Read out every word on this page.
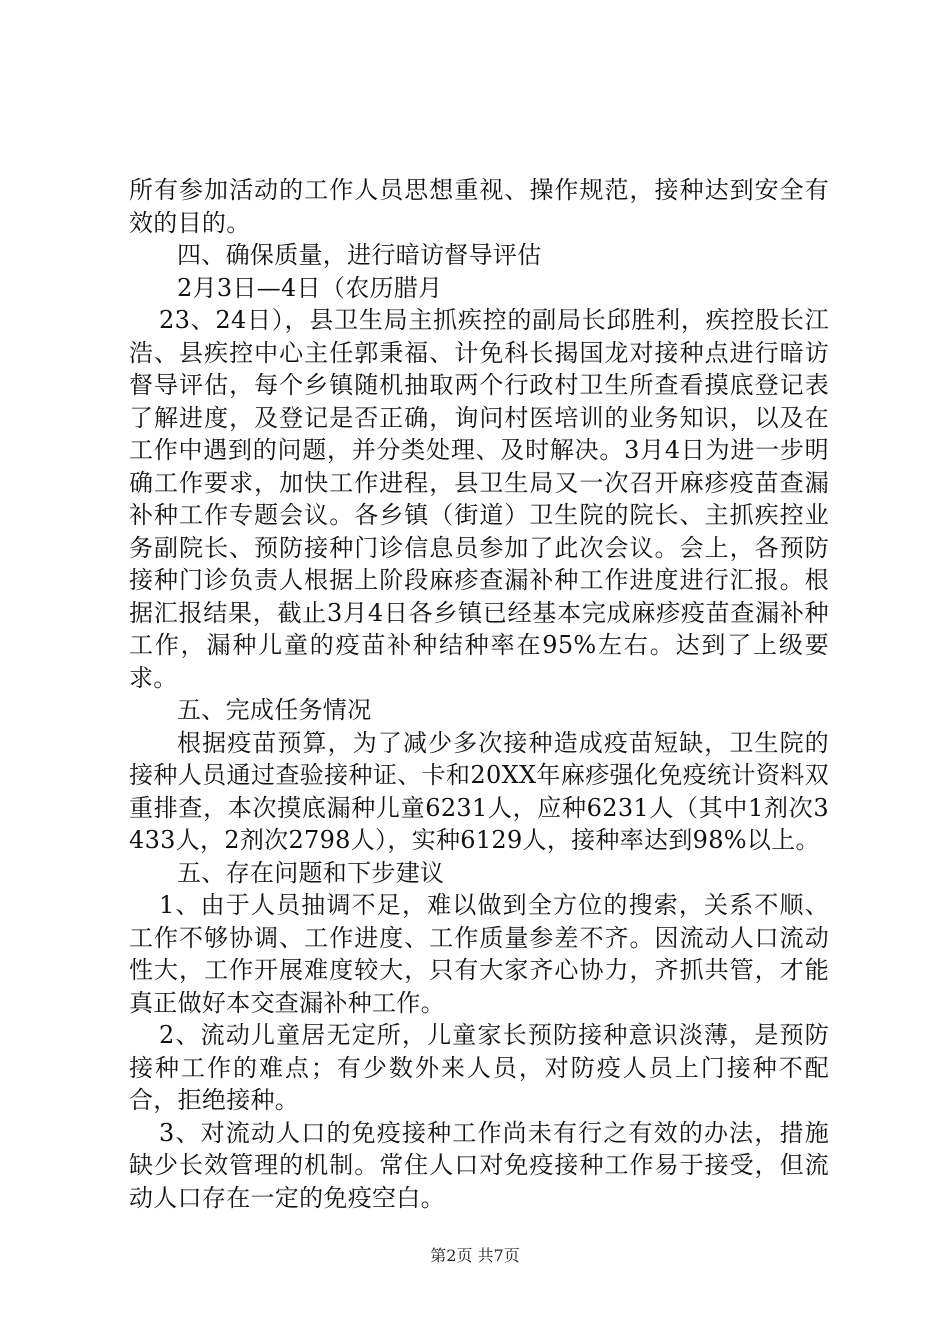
所有参加活动的工作人员思想重视、操作规范，接种达到安全有效的目的。

四、确保质量，进行暗访督导评估

2月3日—4日（农历腊月

23、24日），县卫生局主抓疾控的副局长邱胜利，疾控股长江浩、县疾控中心主任郭秉福、计免科长揭国龙对接种点进行暗访督导评估，每个乡镇随机抽取两个行政村卫生所查看摸底登记表了解进度，及登记是否正确，询问村医培训的业务知识，以及在工作中遇到的问题，并分类处理、及时解决。3月4日为进一步明确工作要求，加快工作进程，县卫生局又一次召开麻疹疫苗查漏补种工作专题会议。各乡镇（街道）卫生院的院长、主抓疾控业务副院长、预防接种门诊信息员参加了此次会议。会上，各预防接种门诊负责人根据上阶段麻疹查漏补种工作进度进行汇报。根据汇报结果，截止3月4日各乡镇已经基本完成麻疹疫苗查漏补种工作，漏种儿童的疫苗补种结种率在95%左右。达到了上级要求。

五、完成任务情况

根据疫苗预算，为了减少多次接种造成疫苗短缺，卫生院的接种人员通过查验接种证、卡和20XX年麻疹强化免疫统计资料双重排查，本次摸底漏种儿童6231人，应种6231人（其中1剂次3433人，2剂次2798人），实种6129人，接种率达到98%以上。

五、存在问题和下步建议

1、由于人员抽调不足，难以做到全方位的搜索，关系不顺、工作不够协调、工作进度、工作质量参差不齐。因流动人口流动性大，工作开展难度较大，只有大家齐心协力，齐抓共管，才能真正做好本交查漏补种工作。

2、流动儿童居无定所，儿童家长预防接种意识淡薄，是预防接种工作的难点；有少数外来人员，对防疫人员上门接种不配合，拒绝接种。

3、对流动人口的免疫接种工作尚未有行之有效的办法，措施缺少长效管理的机制。常住人口对免疫接种工作易于接受，但流动人口存在一定的免疫空白。

第2页 共7页
